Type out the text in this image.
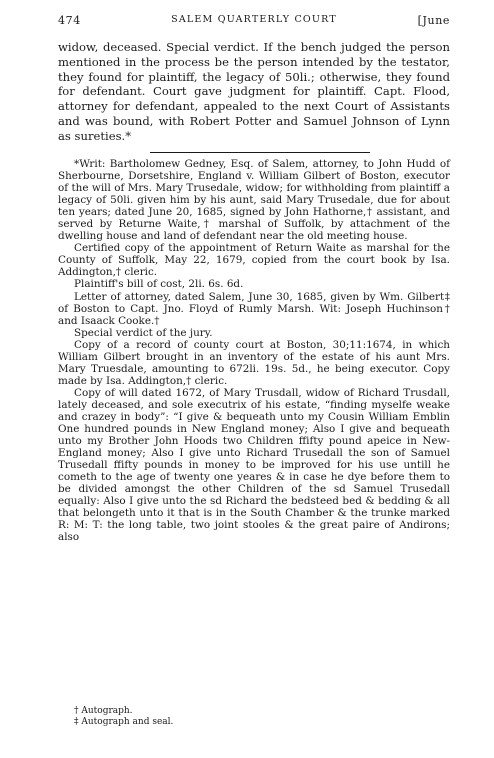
474	SALEM QUARTERLY COURT	[June

widow, deceased. Special verdict. If the bench judged the person mentioned in the process be the person intended by the testator, they found for plaintiff, the legacy of 50li.; otherwise, they found for defendant. Court gave judgment for plaintiff. Capt. Flood, attorney for defendant, appealed to the next Court of Assistants and was bound, with Robert Potter and Samuel Johnson of Lynn as sureties.*

*Writ: Bartholomew Gedney, Esq. of Salem, attorney, to John Hudd of Sherbourne, Dorsetshire, England v. William Gilbert of Boston, executor of the will of Mrs. Mary Trusedale, widow; for withholding from plaintiff a legacy of 50li. given him by his aunt, said Mary Trusedale, due for about ten years; dated June 20, 1685, signed by John Hathorne,† assistant, and served by Returne Waite,† marshal of Suffolk, by attachment of the dwelling house and land of defendant near the old meeting house.

Certified copy of the appointment of Return Waite as marshal for the County of Suffolk, May 22, 1679, copied from the court book by Isa. Addington,† cleric.

Plaintiff's bill of cost, 2li. 6s. 6d.

Letter of attorney, dated Salem, June 30, 1685, given by Wm. Gilbert‡ of Boston to Capt. Jno. Floyd of Rumly Marsh. Wit: Joseph Huchinson† and Isaack Cooke.†

Special verdict of the jury.

Copy of a record of county court at Boston, 30;11:1674, in which William Gilbert brought in an inventory of the estate of his aunt Mrs. Mary Truesdale, amounting to 672li. 19s. 5d., he being executor. Copy made by Isa. Addington,† cleric.

Copy of will dated 1672, of Mary Trusdall, widow of Richard Trusdall, lately deceased, and sole executrix of his estate, “finding myselfe weake and crazey in body”: “I give & bequeath unto my Cousin William Emblin One hundred pounds in New England money; Also I give and bequeath unto my Brother John Hoods two Children ffifty pound apeice in New-England money; Also I give unto Richard Trusedall the son of Samuel Trusedall ffifty pounds in money to be improved for his use untill he cometh to the age of twenty one yeares & in case he dye before them to be divided amongst the other Children of the sd Samuel Trusedall equally: Also I give unto the sd Richard the bedsteed bed & bedding & all that belongeth unto it that is in the South Chamber & the trunke marked R: M: T: the long table, two joint stooles & the great paire of Andirons; also

† Autograph.

‡ Autograph and seal.
